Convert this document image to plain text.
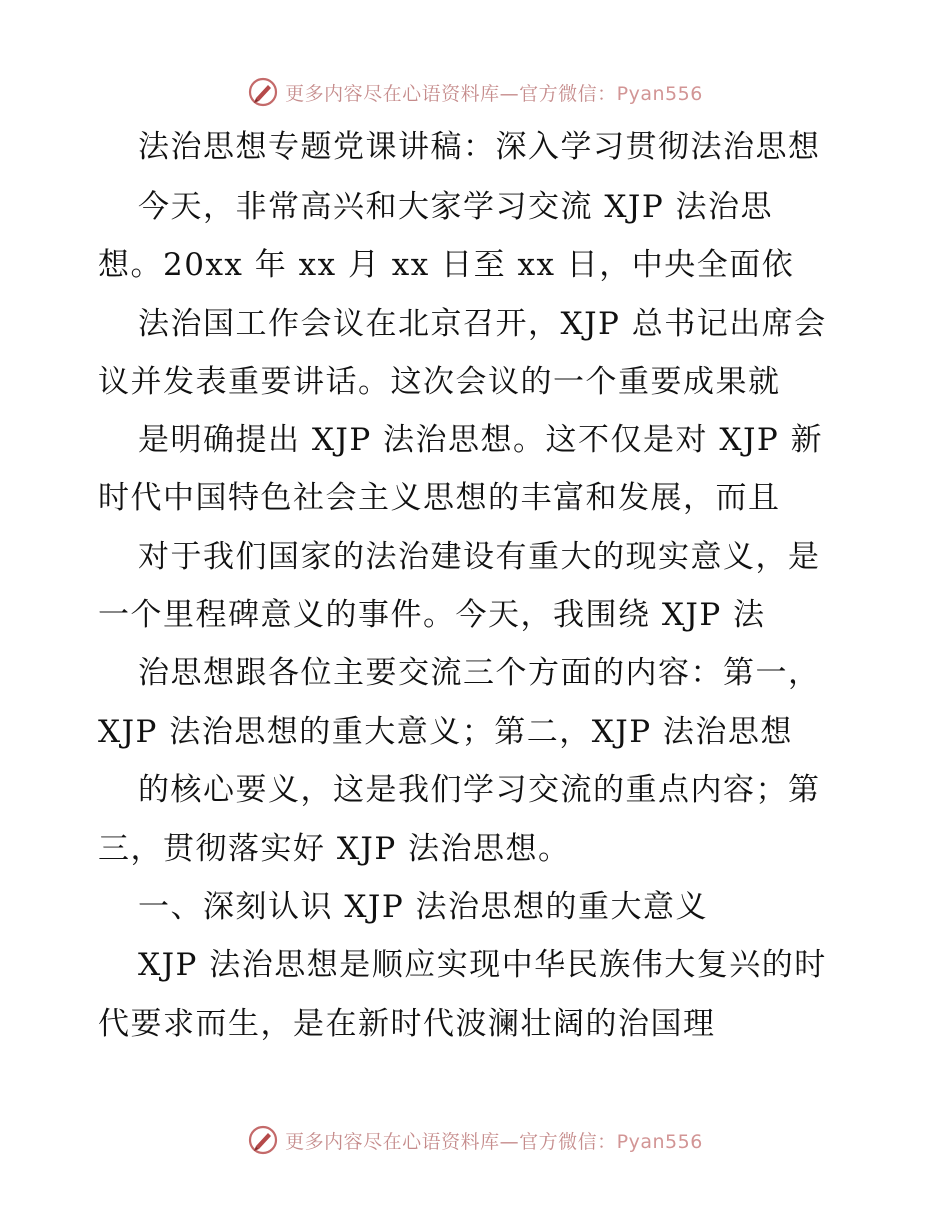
更多内容尽在心语资料库—官方微信：Pyan556
法治思想专题党课讲稿：深入学习贯彻法治思想
今天，非常高兴和大家学习交流 XJP 法治思
想。20xx 年 xx 月 xx 日至 xx 日，中央全面依
法治国工作会议在北京召开，XJP 总书记出席会
议并发表重要讲话。这次会议的一个重要成果就
是明确提出 XJP 法治思想。这不仅是对 XJP 新
时代中国特色社会主义思想的丰富和发展，而且
对于我们国家的法治建设有重大的现实意义，是
一个里程碑意义的事件。今天，我围绕 XJP 法
治思想跟各位主要交流三个方面的内容：第一，
XJP 法治思想的重大意义；第二，XJP 法治思想
的核心要义，这是我们学习交流的重点内容；第
三，贯彻落实好 XJP 法治思想。
一、深刻认识 XJP 法治思想的重大意义
XJP 法治思想是顺应实现中华民族伟大复兴的时
代要求而生，是在新时代波澜壮阔的治国理
更多内容尽在心语资料库—官方微信：Pyan556
